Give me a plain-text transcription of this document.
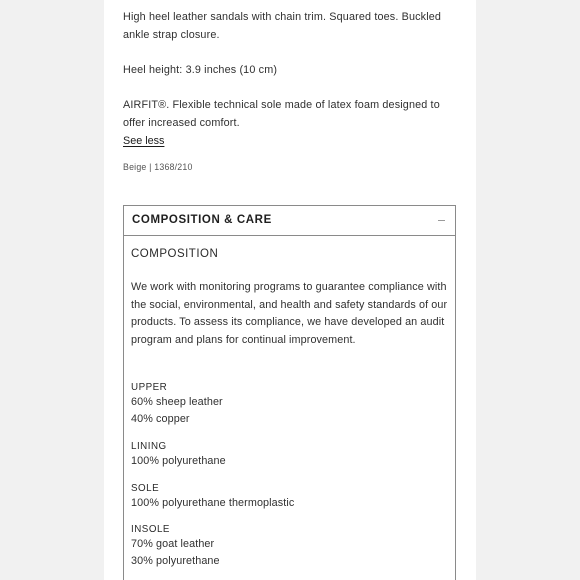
High heel leather sandals with chain trim. Squared toes. Buckled ankle strap closure.

Heel height: 3.9 inches (10 cm)

AIRFIT®. Flexible technical sole made of latex foam designed to offer increased comfort.

See less
Beige | 1368/210
COMPOSITION & CARE
COMPOSITION

We work with monitoring programs to guarantee compliance with the social, environmental, and health and safety standards of our products. To assess its compliance, we have developed an audit program and plans for continual improvement.

UPPER
60% sheep leather
40% copper
LINING
100% polyurethane
SOLE
100% polyurethane thermoplastic
INSOLE
70% goat leather
30% polyurethane
